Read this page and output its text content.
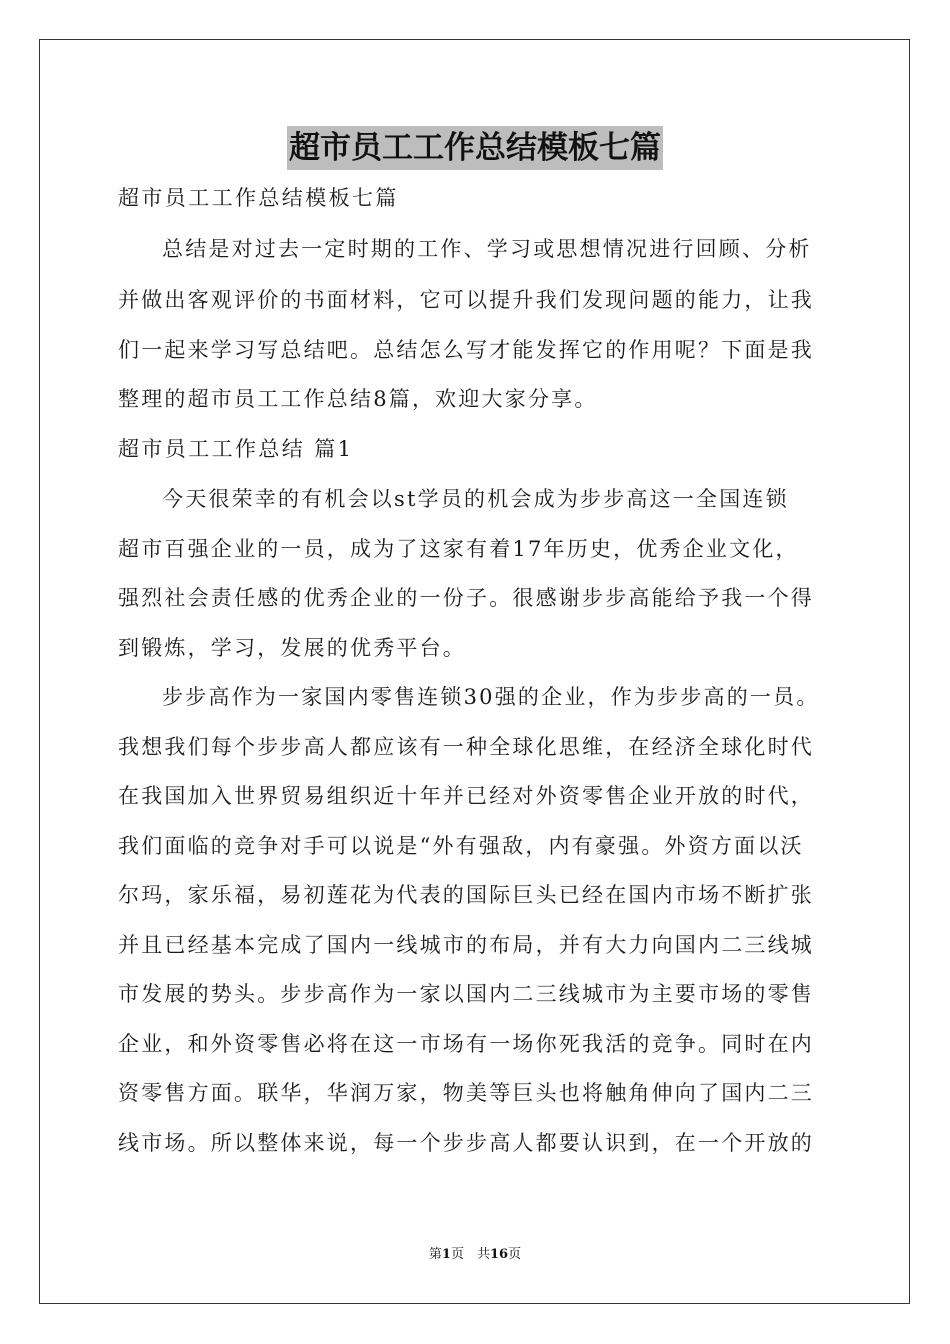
超市员工工作总结模板七篇
超市员工工作总结模板七篇
总结是对过去一定时期的工作、学习或思想情况进行回顾、分析
并做出客观评价的书面材料，它可以提升我们发现问题的能力，让我
们一起来学习写总结吧。总结怎么写才能发挥它的作用呢？下面是我
整理的超市员工工作总结8篇，欢迎大家分享。
超市员工工作总结 篇1
今天很荣幸的有机会以st学员的机会成为步步高这一全国连锁
超市百强企业的一员，成为了这家有着17年历史，优秀企业文化，
强烈社会责任感的优秀企业的一份子。很感谢步步高能给予我一个得
到锻炼，学习，发展的优秀平台。
步步高作为一家国内零售连锁30强的企业，作为步步高的一员。
我想我们每个步步高人都应该有一种全球化思维，在经济全球化时代
在我国加入世界贸易组织近十年并已经对外资零售企业开放的时代，
我们面临的竞争对手可以说是“外有强敌，内有豪强。外资方面以沃
尔玛，家乐福，易初莲花为代表的国际巨头已经在国内市场不断扩张
并且已经基本完成了国内一线城市的布局，并有大力向国内二三线城
市发展的势头。步步高作为一家以国内二三线城市为主要市场的零售
企业，和外资零售必将在这一市场有一场你死我活的竞争。同时在内
资零售方面。联华，华润万家，物美等巨头也将触角伸向了国内二三
线市场。所以整体来说，每一个步步高人都要认识到，在一个开放的
第1页　共16页
